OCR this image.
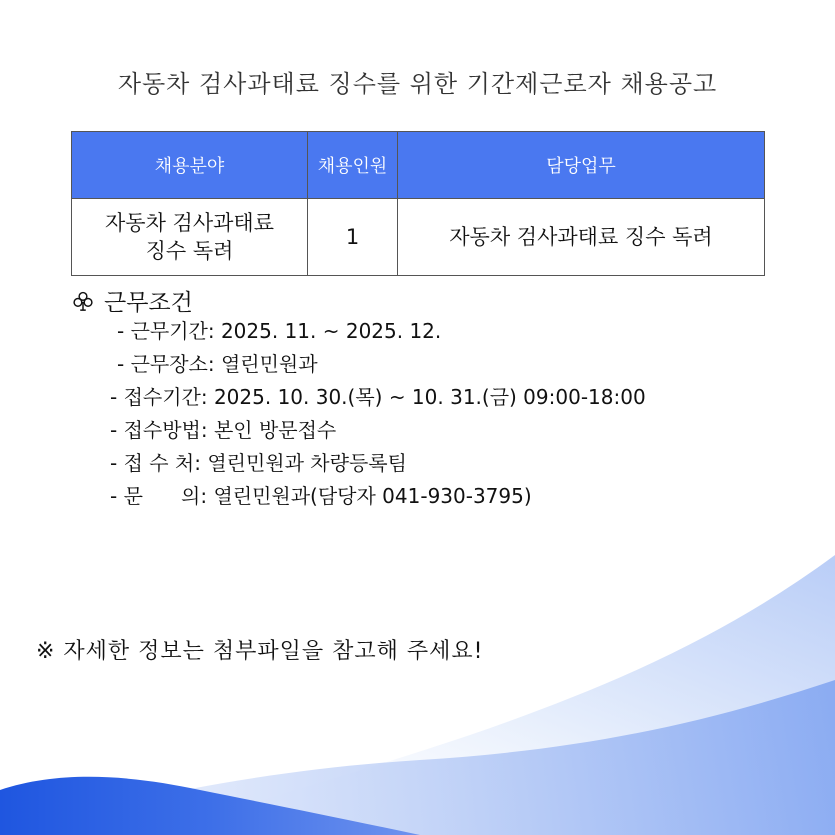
자동차 검사과태료 징수를 위한 기간제근로자 채용공고
채용분야	채용인원	담당업무
자동차 검사과태료
징수 독려	1	자동차 검사과태료 징수 독려
근무조건
- 근무기간: 2025. 11. ~ 2025. 12.
- 근무장소: 열린민원과
- 접수기간: 2025. 10. 30.(목) ~ 10. 31.(금) 09:00-18:00
- 접수방법: 본인 방문접수
- 접 수 처: 열린민원과 차량등록팀
- 문      의: 열린민원과(담당자 041-930-3795)
※ 자세한 정보는 첨부파일을 참고해 주세요!
